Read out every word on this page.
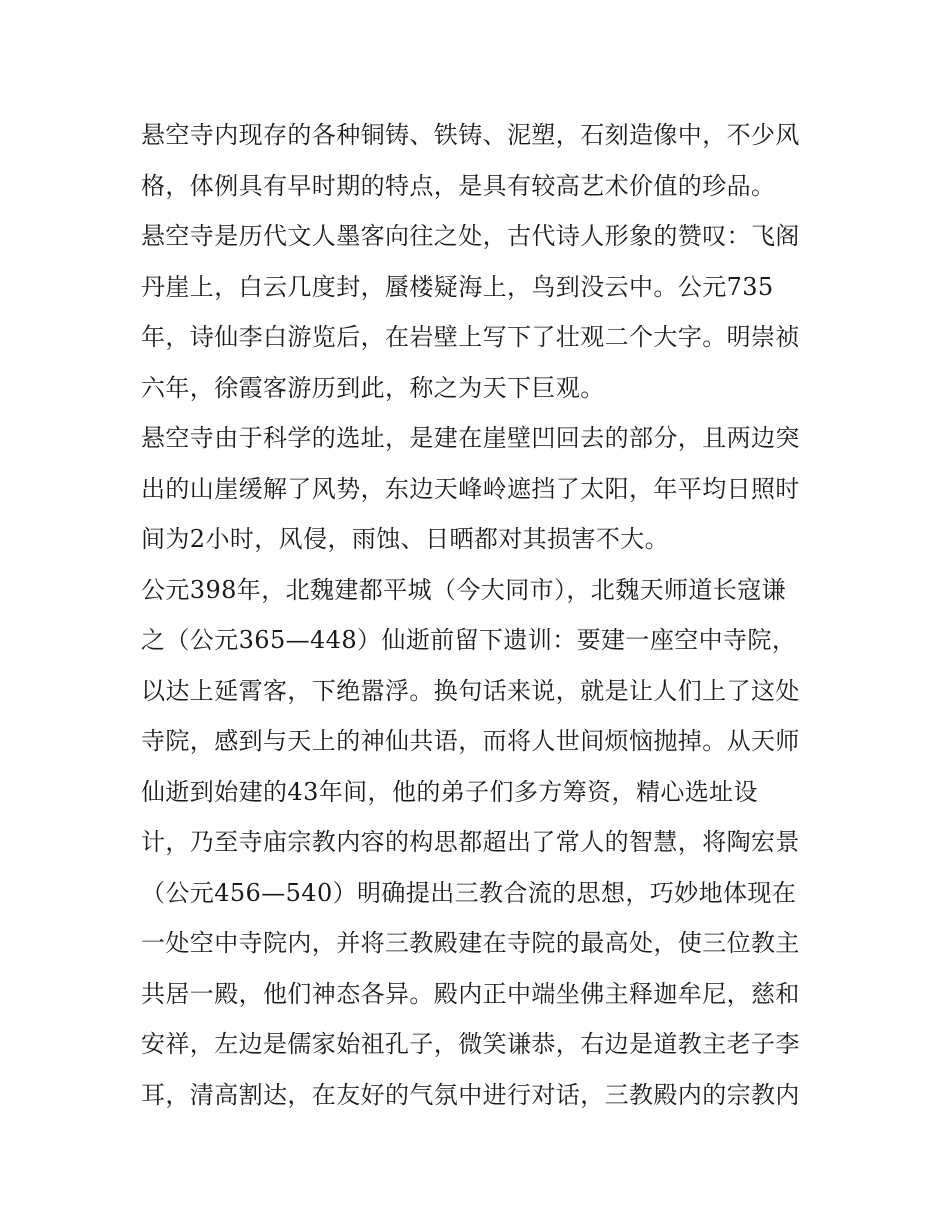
悬空寺内现存的各种铜铸、铁铸、泥塑，石刻造像中，不少风
格，体例具有早时期的特点，是具有较高艺术价值的珍品。
悬空寺是历代文人墨客向往之处，古代诗人形象的赞叹：飞阁
丹崖上，白云几度封，蜃楼疑海上，鸟到没云中。公元735
年，诗仙李白游览后，在岩壁上写下了壮观二个大字。明崇祯
六年，徐霞客游历到此，称之为天下巨观。
悬空寺由于科学的选址，是建在崖壁凹回去的部分，且两边突
出的山崖缓解了风势，东边天峰岭遮挡了太阳，年平均日照时
间为2小时，风侵，雨蚀、日晒都对其损害不大。
公元398年，北魏建都平城（今大同市），北魏天师道长寇谦
之（公元365—448）仙逝前留下遗训：要建一座空中寺院，
以达上延霄客，下绝嚣浮。换句话来说，就是让人们上了这处
寺院，感到与天上的神仙共语，而将人世间烦恼抛掉。从天师
仙逝到始建的43年间，他的弟子们多方筹资，精心选址设
计，乃至寺庙宗教内容的构思都超出了常人的智慧，将陶宏景
（公元456—540）明确提出三教合流的思想，巧妙地体现在
一处空中寺院内，并将三教殿建在寺院的最高处，使三位教主
共居一殿，他们神态各异。殿内正中端坐佛主释迦牟尼，慈和
安祥，左边是儒家始祖孔子，微笑谦恭，右边是道教主老子李
耳，清高割达，在友好的气氛中进行对话，三教殿内的宗教内
